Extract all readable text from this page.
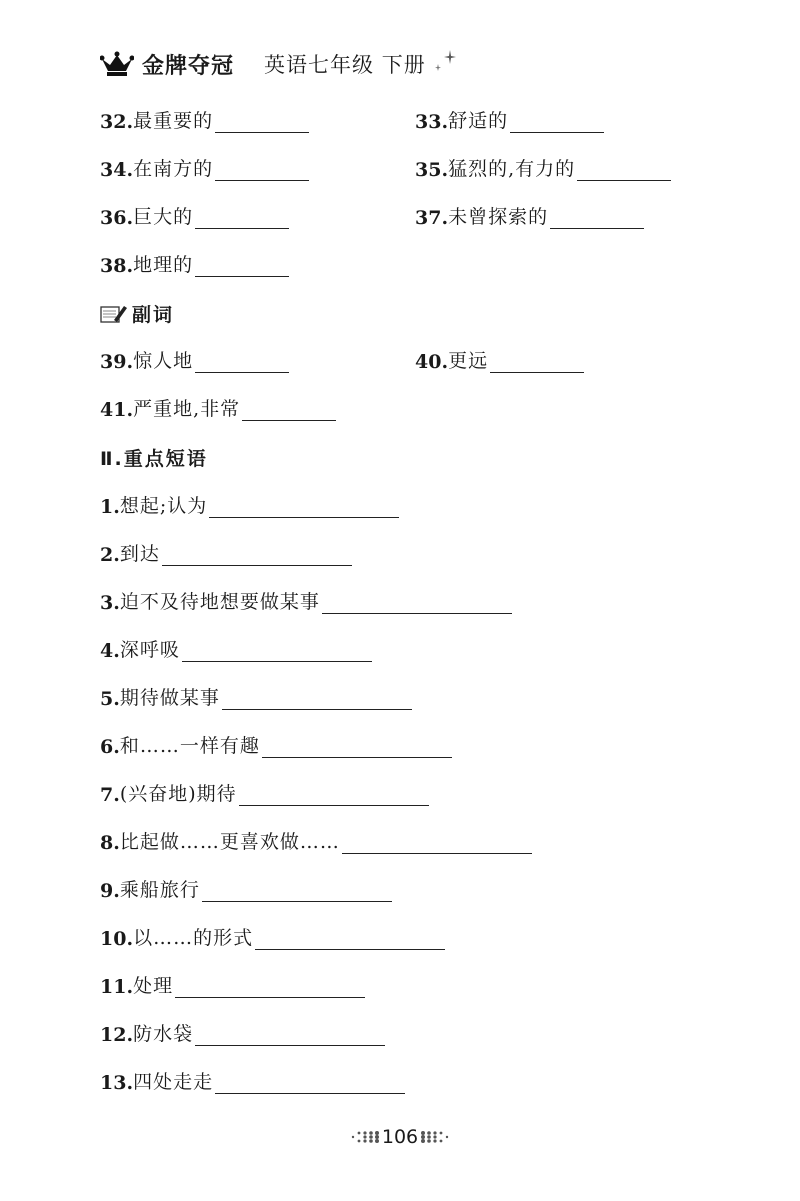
金牌夺冠 英语七年级 下册
32. 最重要的	33. 舒适的
34. 在南方的	35. 猛烈的,有力的
36. 巨大的	37. 未曾探索的
38. 地理的
副词
39. 惊人地	40. 更远
41. 严重地,非常
Ⅱ.重点短语
1. 想起;认为
2. 到达
3. 迫不及待地想要做某事
4. 深呼吸
5. 期待做某事
6. 和……一样有趣
7. (兴奋地)期待
8. 比起做……更喜欢做……
9. 乘船旅行
10. 以……的形式
11. 处理
12. 防水袋
13. 四处走走
106
